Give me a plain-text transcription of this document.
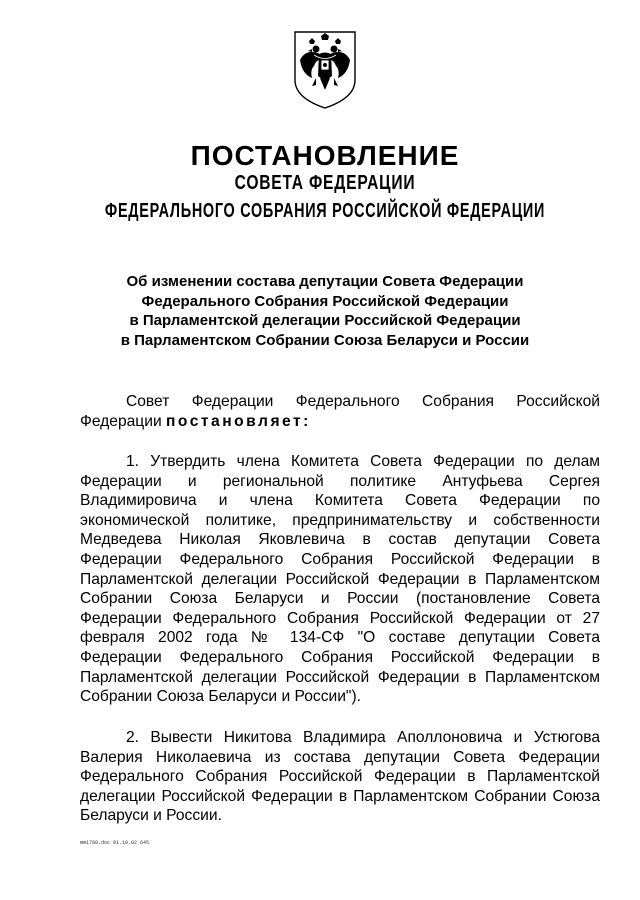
ПОСТАНОВЛЕНИЕ
СОВЕТА ФЕДЕРАЦИИ
ФЕДЕРАЛЬНОГО СОБРАНИЯ РОССИЙСКОЙ ФЕДЕРАЦИИ
Об изменении состава депутации Совета Федерации
Федерального Собрания Российской Федерации
в Парламентской делегации Российской Федерации
в Парламентском Собрании Союза Беларуси и России

Совет Федерации Федерального Собрания Российской Федерации постановляет:

1. Утвердить члена Комитета Совета Федерации по делам Федерации и региональной политике Антуфьева Сергея Владимировича и члена Комитета Совета Федерации по экономической политике, предпринимательству и собственности Медведева Николая Яковлевича в состав депутации Совета Федерации Федерального Собрания Российской Федерации в Парламентской делегации Российской Федерации в Парламентском Собрании Союза Беларуси и России (постановление Совета Федерации Федерального Собрания Российской Федерации от 27 февраля 2002 года № 134-СФ "О составе депутации Совета Федерации Федерального Собрания Российской Федерации в Парламентской делегации Российской Федерации в Парламентском Собрании Союза Беларуси и России").

2. Вывести Никитова Владимира Аполлоновича и Устюгова Валерия Николаевича из состава депутации Совета Федерации Федерального Собрания Российской Федерации в Парламентской делегации Российской Федерации в Парламентском Собрании Союза Беларуси и России.

mm1780.doc 01.10.02 645
